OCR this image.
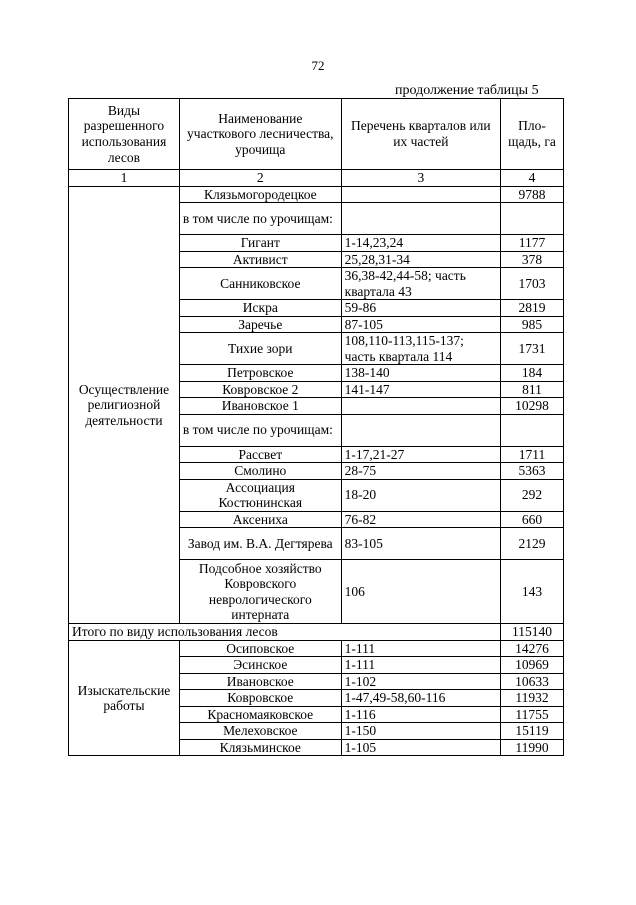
72
продолжение таблицы 5
Виды разрешенного использования лесов	Наименование участкового лесничества, урочища	Перечень кварталов или их частей	Пло-щадь, га
1	2	3	4
Осуществление религиозной деятельности	Клязьмогородецкое		9788
	в том числе по урочищам:		
	Гигант	1-14,23,24	1177
	Активист	25,28,31-34	378
	Санниковское	36,38-42,44-58; часть квартала 43	1703
	Искра	59-86	2819
	Заречье	87-105	985
	Тихие зори	108,110-113,115-137; часть квартала 114	1731
	Петровское	138-140	184
	Ковровское 2	141-147	811
	Ивановское 1		10298
	в том числе по урочищам:		
	Рассвет	1-17,21-27	1711
	Смолино	28-75	5363
	Ассоциация Костюнинская	18-20	292
	Аксениха	76-82	660
	Завод им. В.А. Дегтярева	83-105	2129
	Подсобное хозяйство Ковровского неврологического интерната	106	143
Итого по виду использования лесов			115140
Изыскательские работы	Осиповское	1-111	14276
	Эсинское	1-111	10969
	Ивановское	1-102	10633
	Ковровское	1-47,49-58,60-116	11932
	Красномаяковское	1-116	11755
	Мелеховское	1-150	15119
	Клязьминское	1-105	11990
